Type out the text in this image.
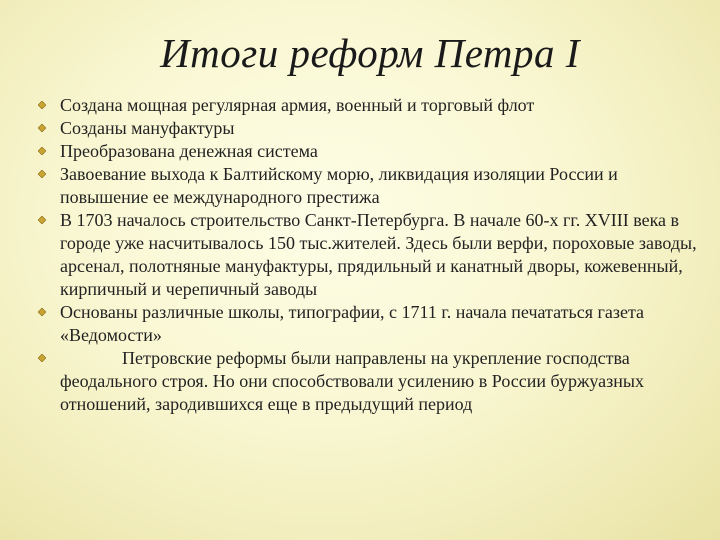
Итоги реформ Петра I
Создана мощная регулярная армия, военный и торговый флот
Созданы мануфактуры
Преобразована денежная система
Завоевание выхода к Балтийскому морю, ликвидация изоляции России и повышение ее международного престижа
В 1703 началось строительство Санкт-Петербурга. В начале 60-х гг. XVIII века в городе уже насчитывалось 150 тыс.жителей. Здесь были верфи, пороховые заводы, арсенал, полотняные мануфактуры, прядильный и канатный дворы, кожевенный, кирпичный и черепичный заводы
Основаны различные школы, типографии, с 1711 г. начала печататься газета «Ведомости»
Петровские реформы были направлены на укрепление господства феодального строя. Но они способствовали усилению в России буржуазных отношений, зародившихся еще в предыдущий период
